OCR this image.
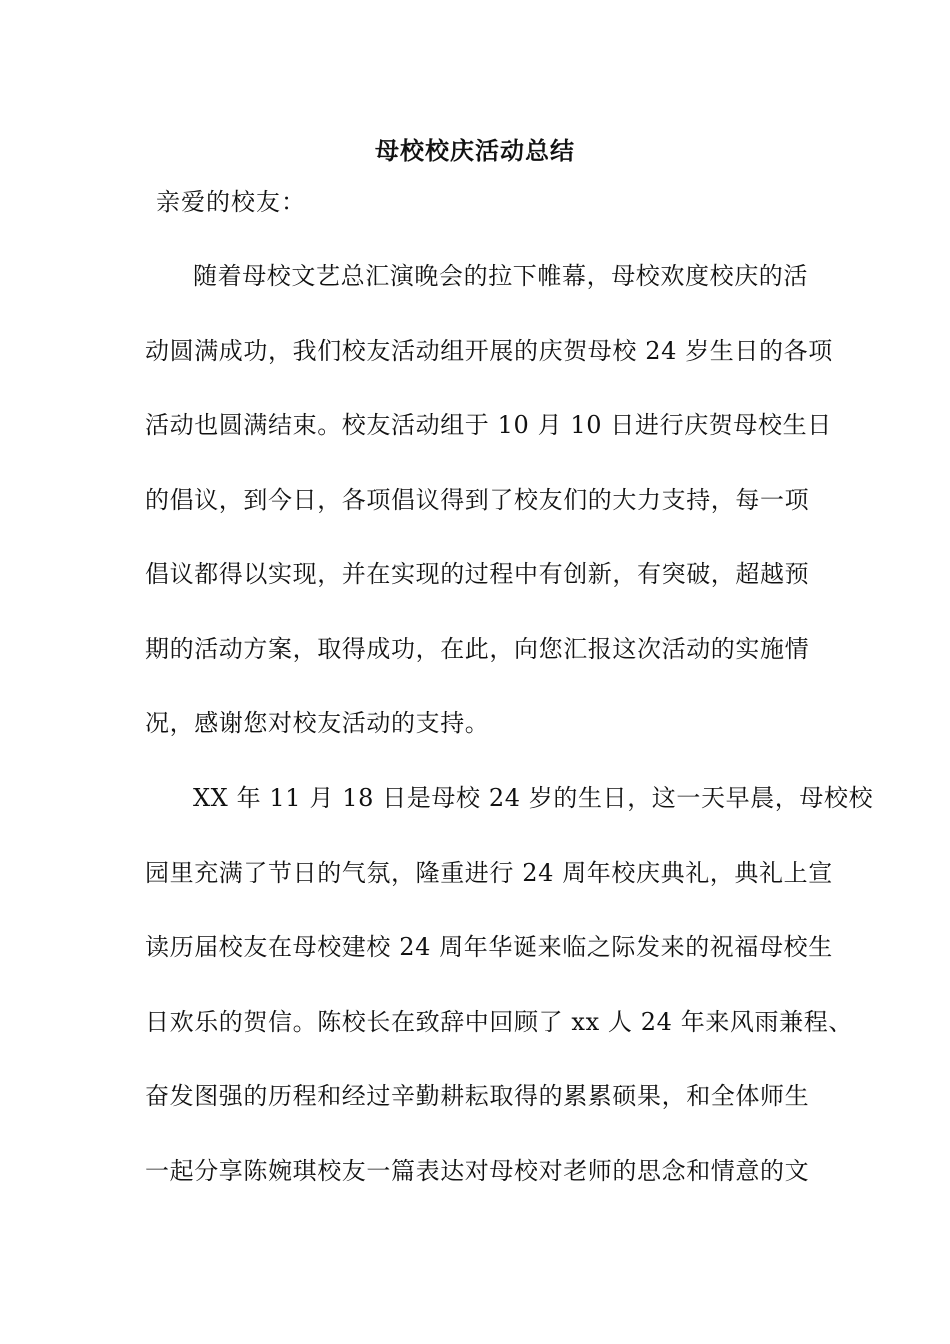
母校校庆活动总结
亲爱的校友：
随着母校文艺总汇演晚会的拉下帷幕，母校欢度校庆的活
动圆满成功，我们校友活动组开展的庆贺母校 24 岁生日的各项
活动也圆满结束。校友活动组于 10 月 10 日进行庆贺母校生日
的倡议，到今日，各项倡议得到了校友们的大力支持，每一项
倡议都得以实现，并在实现的过程中有创新，有突破，超越预
期的活动方案，取得成功，在此，向您汇报这次活动的实施情
况，感谢您对校友活动的支持。
XX 年 11 月 18 日是母校 24 岁的生日，这一天早晨，母校校
园里充满了节日的气氛，隆重进行 24 周年校庆典礼，典礼上宣
读历届校友在母校建校 24 周年华诞来临之际发来的祝福母校生
日欢乐的贺信。陈校长在致辞中回顾了 xx 人 24 年来风雨兼程、
奋发图强的历程和经过辛勤耕耘取得的累累硕果，和全体师生
一起分享陈婉琪校友一篇表达对母校对老师的思念和情意的文
